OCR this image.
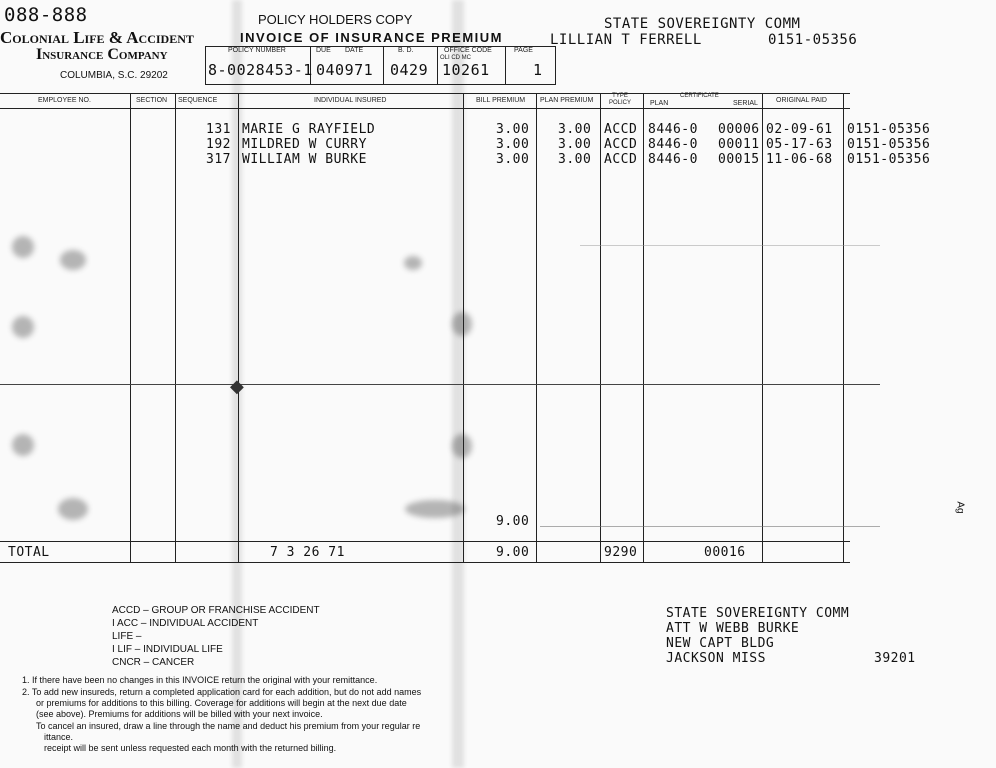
088-888
Colonial Life & Accident
Insurance Company
COLUMBIA, S.C. 29202
POLICY HOLDERS COPY
INVOICE OF INSURANCE PREMIUM
POLICY NUMBER	DUE DATE	B. D.	OFFICE CODE
OLI CD MC
PAGE
8-0028453-1 040971 0429 10261	1
STATE SOVEREIGNTY COMM
LILLIAN T FERRELL	0151-05356
EMPLOYEE NO.	SECTION SEQUENCE	INDIVIDUAL INSURED	BILL PREMIUM PLAN PREMIUM
TYPE POLICY
CERTIFICATE
PLAN	SERIAL	ORIGINAL PAID
◆
131 MARIE G RAYFIELD	3.00 3.00 ACCD 8446-0 00006 02-09-61 0151-05356
192 MILDRED W CURRY	3.00 3.00 ACCD 8446-0 00011 05-17-63 0151-05356
317 WILLIAM W BURKE	3.00 3.00 ACCD 8446-0 00015 11-06-68 0151-05356
9.00
TOTAL	7 3 26 71	9.00	9290	00016
ACCD – GROUP OR FRANCHISE ACCIDENT
I ACC – INDIVIDUAL ACCIDENT
LIFE –
I LIF – INDIVIDUAL LIFE
CNCR – CANCER
STATE SOVEREIGNTY COMM
ATT W WEBB BURKE
NEW CAPT BLDG
JACKSON MISS	39201
1. If there have been no changes in this INVOICE return the original with your remittance.
2. To add new insureds, return a completed application card for each addition, but do not add names
or premiums for additions to this billing. Coverage for additions will begin at the next due date
(see above). Premiums for additions will be billed with your next invoice.
To cancel an insured, draw a line through the name and deduct his premium from your regular re
ittance.
receipt will be sent unless requested each month with the returned billing.
Ag
